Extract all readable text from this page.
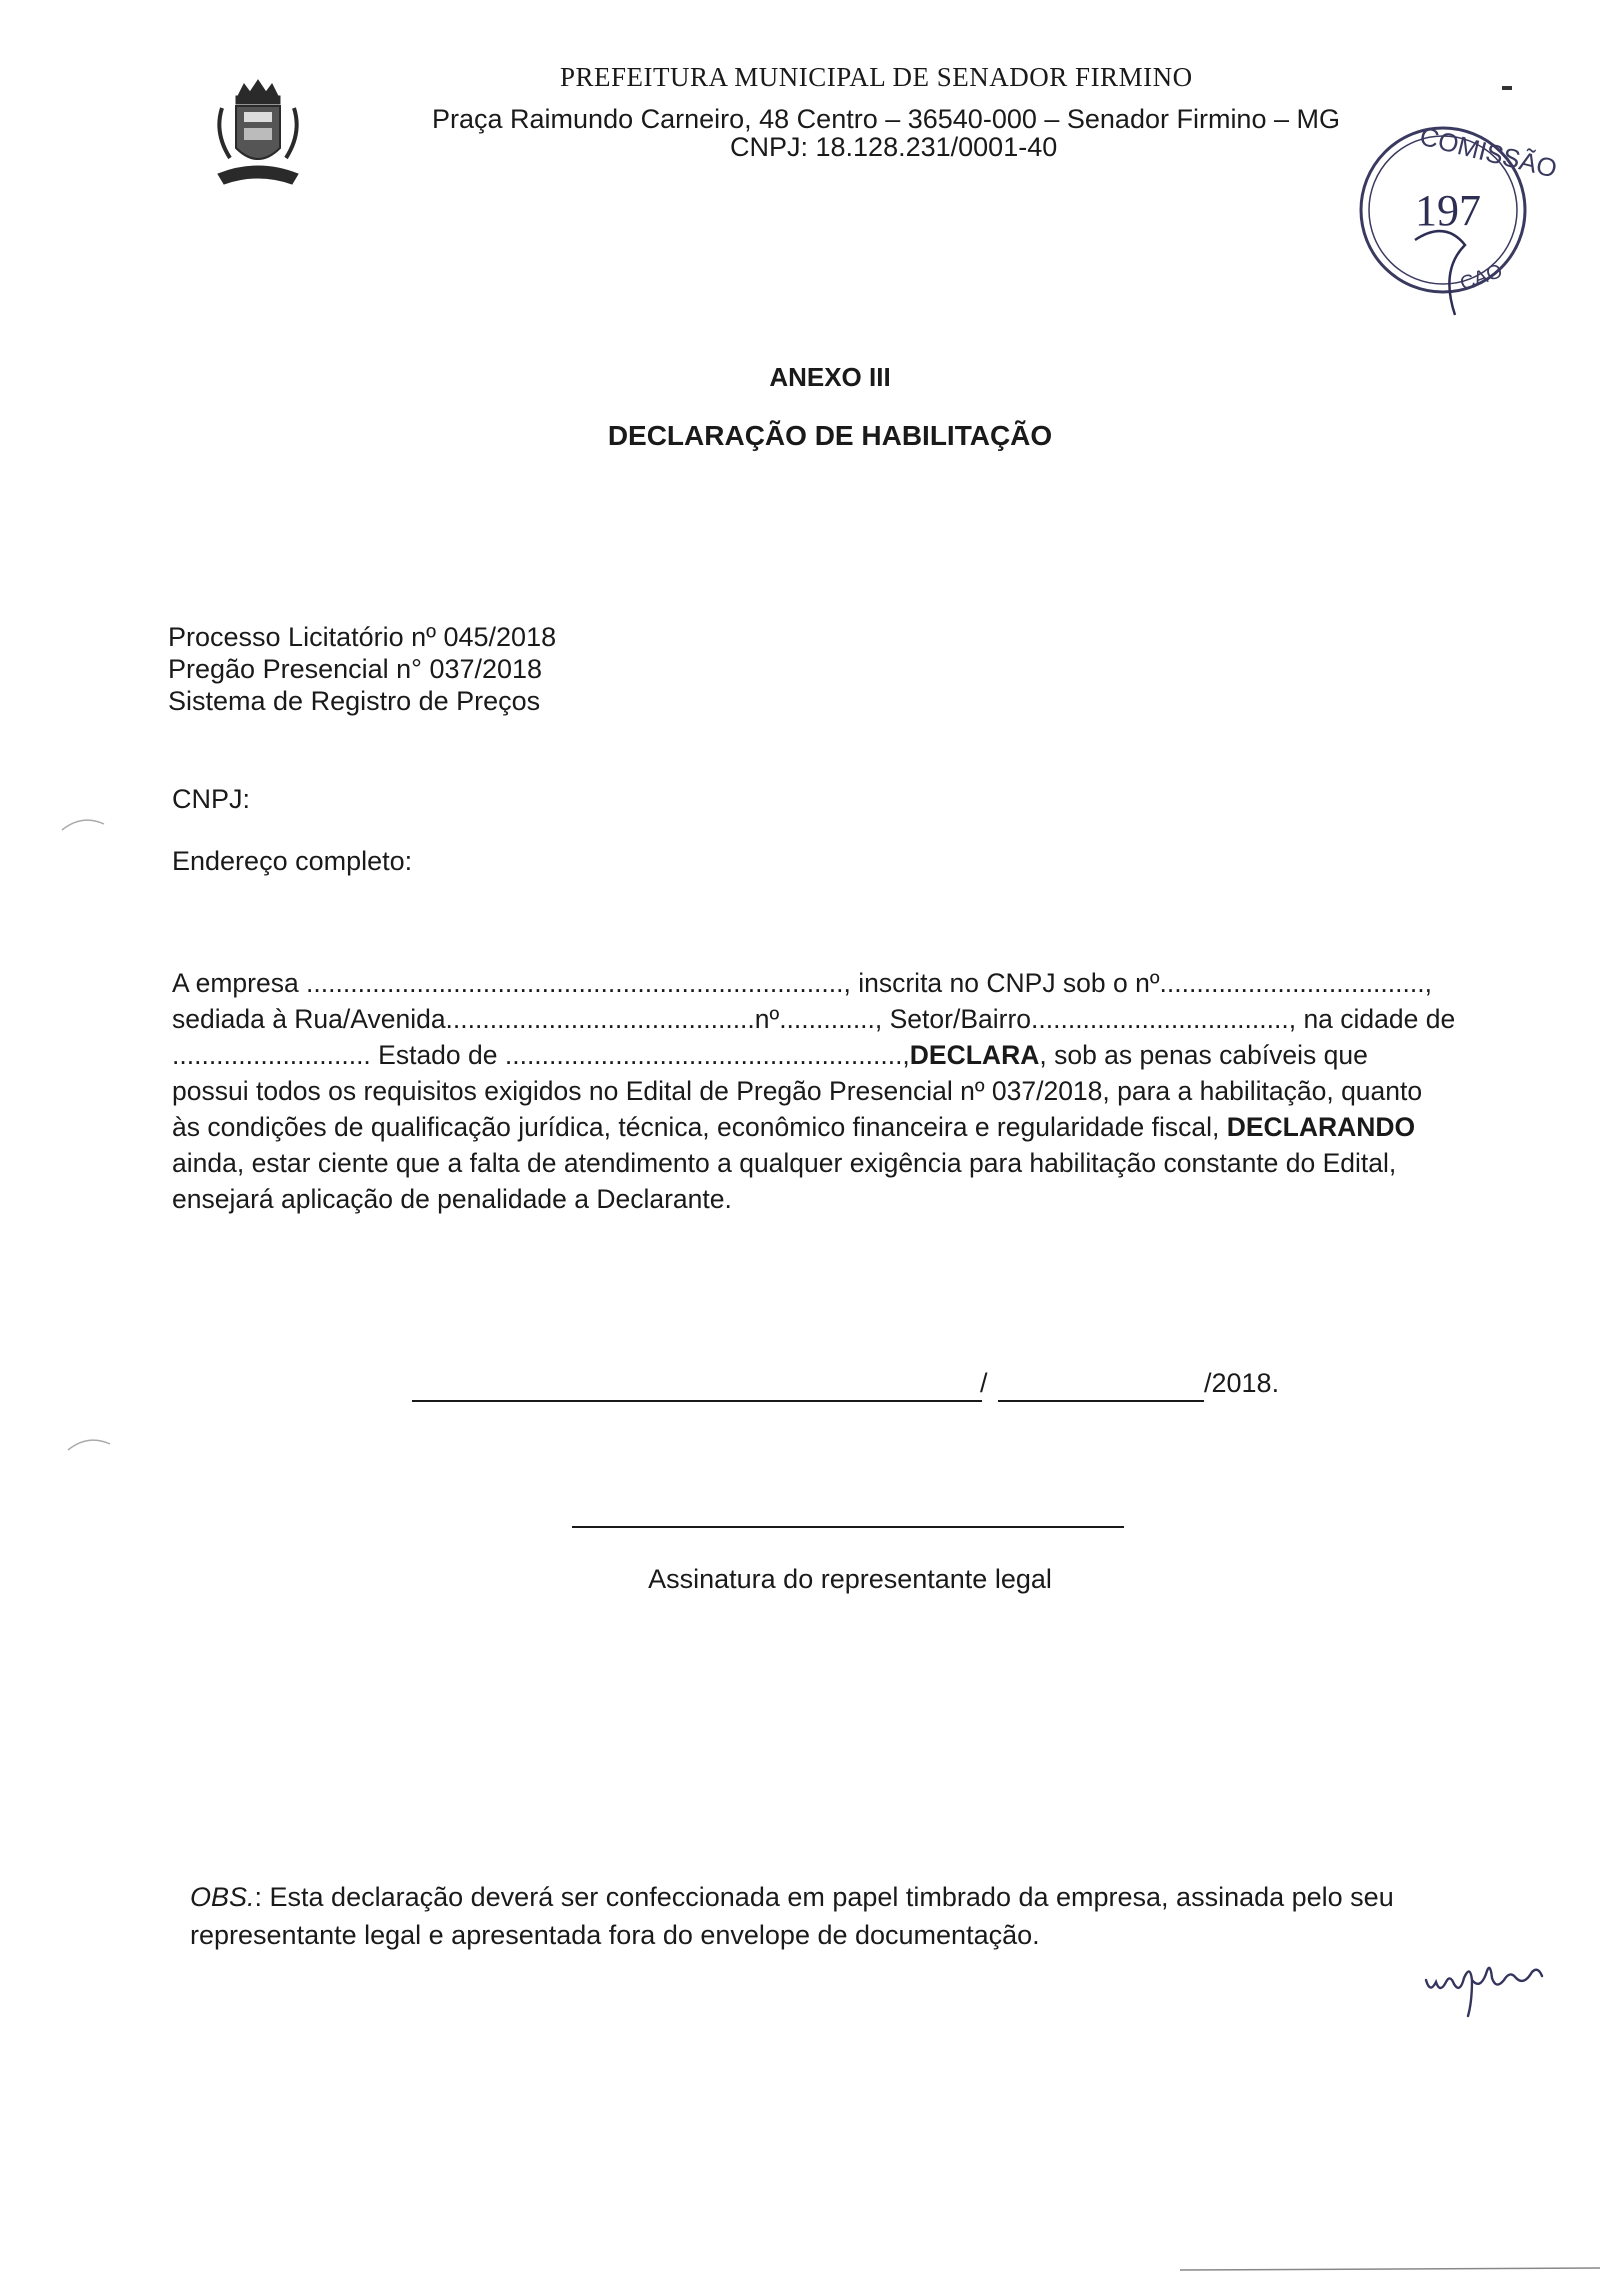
PREFEITURA MUNICIPAL DE SENADOR FIRMINO
Praça Raimundo Carneiro, 48 Centro – 36540-000 – Senador Firmino – MG
CNPJ: 18.128.231/0001-40	COMISSÃO
197
CAO
ANEXO III
DECLARAÇÃO DE HABILITAÇÃO
Processo Licitatório nº 045/2018
Pregão Presencial n° 037/2018
Sistema de Registro de Preços
CNPJ:
Endereço completo:

A empresa ........................................................................., inscrita no CNPJ sob o nº....................................,

sediada à Rua/Avenida..........................................nº............., Setor/Bairro..................................., na cidade de

........................... Estado de ......................................................,DECLARA, sob as penas cabíveis que

possui todos os requisitos exigidos no Edital de Pregão Presencial nº 037/2018, para a habilitação, quanto

às condições de qualificação jurídica, técnica, econômico financeira e regularidade fiscal, DECLARANDO

ainda, estar ciente que a falta de atendimento a qualquer exigência para habilitação constante do Edital,

ensejará aplicação de penalidade a Declarante.

/	/2018.
Assinatura do representante legal
OBS.: Esta declaração deverá ser confeccionada em papel timbrado da empresa, assinada pelo seu representante legal e apresentada fora do envelope de documentação.
